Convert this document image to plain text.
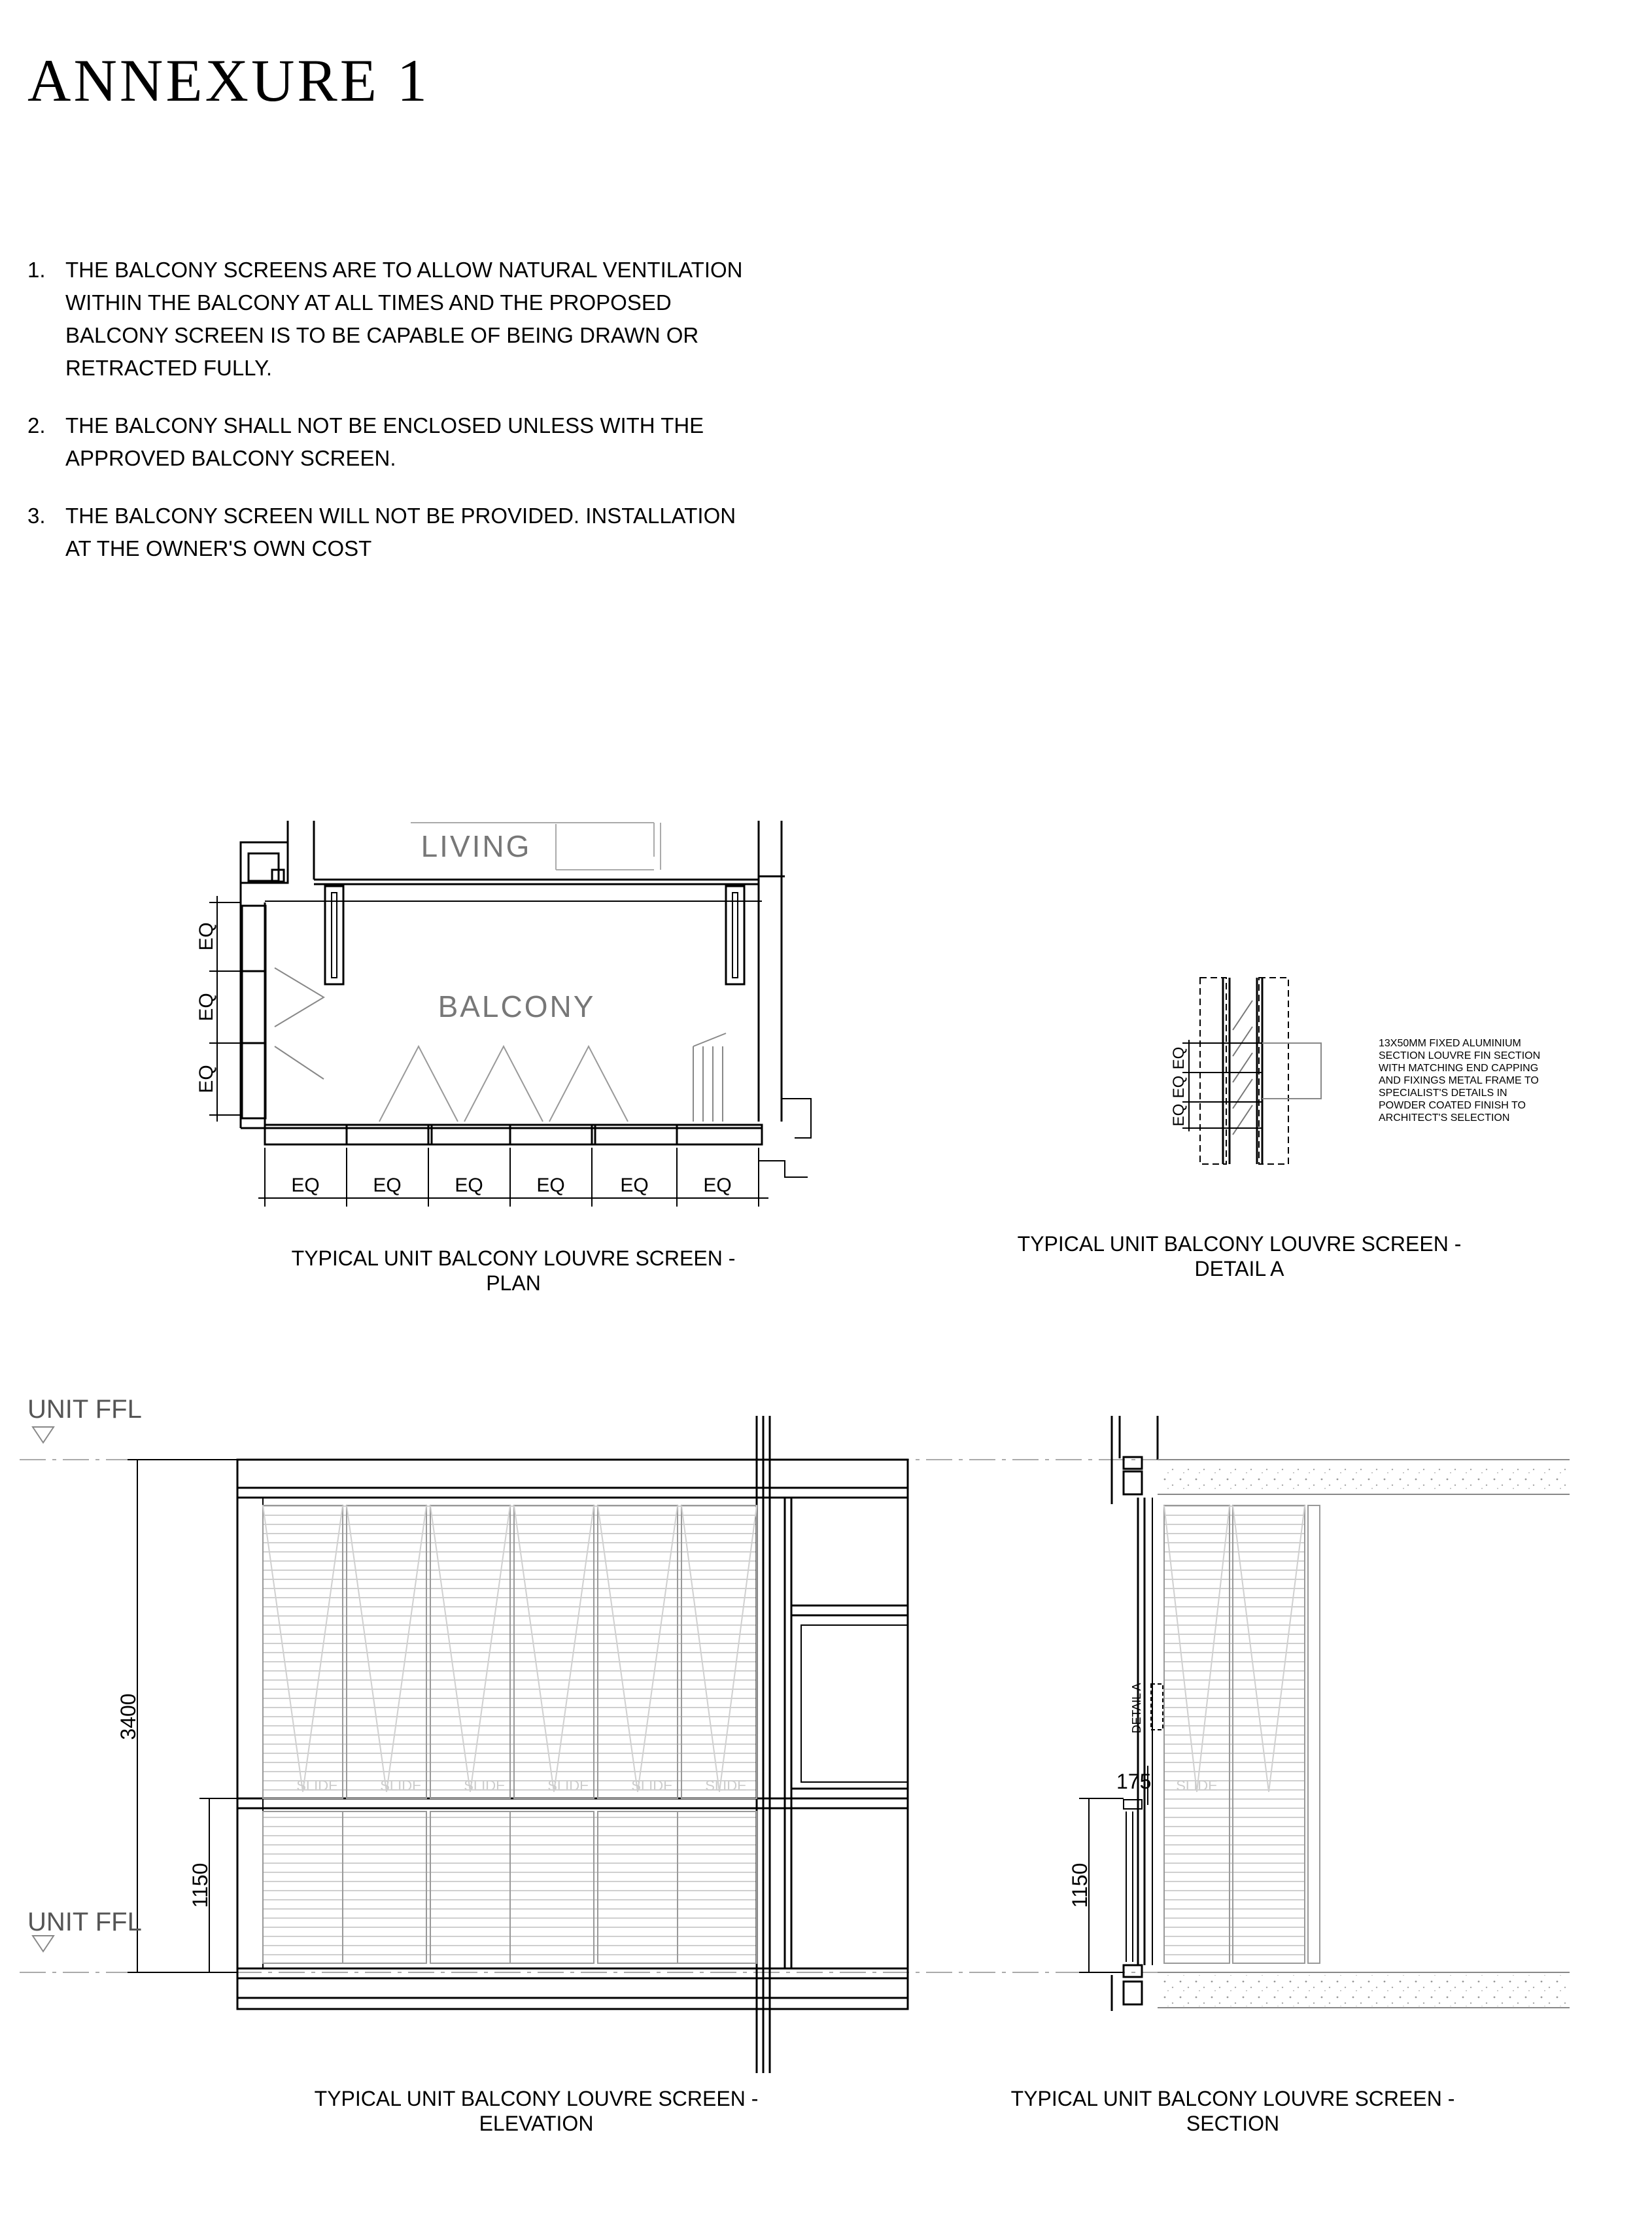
ANNEXURE 1
1. THE BALCONY SCREENS ARE TO ALLOW NATURAL VENTILATION WITHIN THE BALCONY AT ALL TIMES AND THE PROPOSED BALCONY SCREEN IS TO BE CAPABLE OF BEING DRAWN OR RETRACTED FULLY.
2. THE BALCONY SHALL NOT BE ENCLOSED UNLESS WITH THE APPROVED BALCONY SCREEN.
3. THE BALCONY SCREEN WILL NOT BE PROVIDED. INSTALLATION AT THE OWNER'S OWN COST
LIVING
BALCONY
EQ
EQ
EQ
EQ	EQ	EQ	EQ	EQ	EQ
EQ
EQ
EQ
13X50MM FIXED ALUMINIUM
SECTION LOUVRE FIN SECTION
WITH MATCHING END CAPPING
AND FIXINGS METAL FRAME TO
SPECIALIST'S DETAILS IN
POWDER COATED FINISH TO
ARCHITECT'S SELECTION
UNIT FFL
UNIT FFL
3400
1150
SLIDE	SLIDE	SLIDE	SLIDE	SLIDE SLIDE	175
1150
DETAIL A
SLIDE
TYPICAL UNIT BALCONY LOUVRE SCREEN -
PLAN
TYPICAL UNIT BALCONY LOUVRE SCREEN -
DETAIL A
TYPICAL UNIT BALCONY LOUVRE SCREEN -
ELEVATION
TYPICAL UNIT BALCONY LOUVRE SCREEN -
SECTION
